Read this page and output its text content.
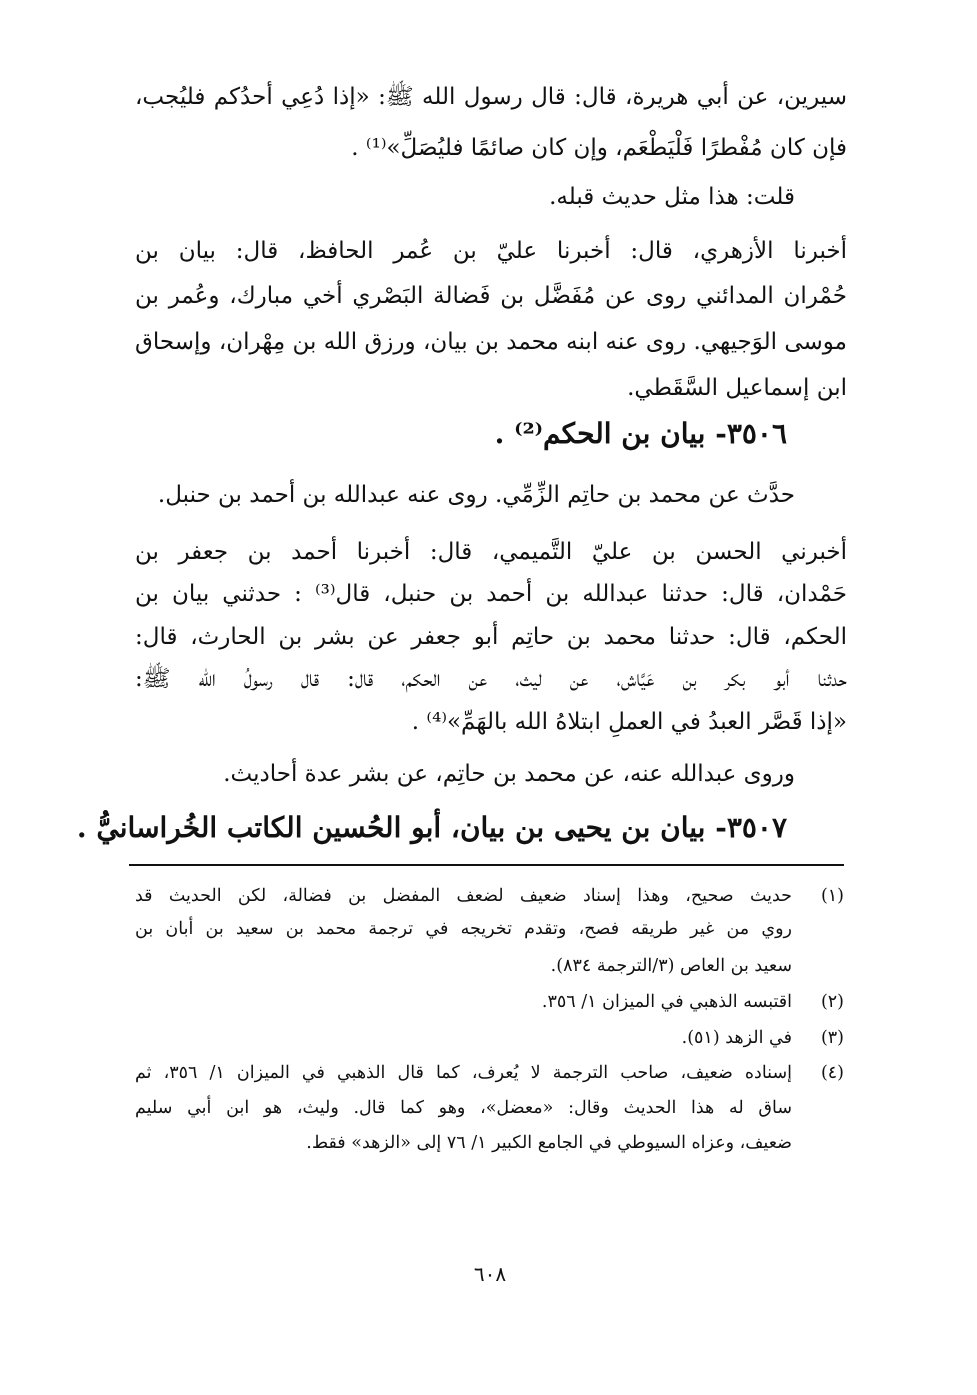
سيرين، عن أبي هريرة، قال: قال رسول الله ﷺ: «إذا دُعِي أحدُكم فليُجب،
فإن كان مُفْطرًا فَلْيَطْعَم، وإن كان صائمًا فليُصَلِّ»⁽¹⁾ .
قلت: هذا مثل حديث قبله.
أخبرنا الأزهري، قال: أخبرنا عليّ بن عُمر الحافظ، قال: بيان بن
حُمْران المدائني روى عن مُفَضَّل بن فَضالة البَصْري أخي مبارك، وعُمر بن
موسى الوَجيهي. روى عنه ابنه محمد بن بيان، ورزق الله بن مِهْران، وإسحاق
ابن إسماعيل السَّقَطي.
٣٥٠٦- بيان بن الحكم⁽²⁾ .
حدَّث عن محمد بن حاتِم الزِّمِّي. روى عنه عبدالله بن أحمد بن حنبل.
أخبرني الحسن بن عليّ التَّميمي، قال: أخبرنا أحمد بن جعفر بن
حَمْدان، قال: حدثنا عبدالله بن أحمد بن حنبل، قال⁽³⁾ : حدثني بيان بن
الحكم، قال: حدثنا محمد بن حاتِم أبو جعفر عن بشر بن الحارث، قال:
حدثنا أبو بكر بن عَيَّاش، عن ليث، عن الحكم، قال: قال رسولُ الله ﷺ:
«إذا قَصَّر العبدُ في العملِ ابتلاهُ الله بالهَمِّ»⁽⁴⁾ .
وروى عبدالله عنه، عن محمد بن حاتِم، عن بشر عدة أحاديث.
٣٥٠٧- بيان بن يحيى بن بيان، أبو الحُسين الكاتب الخُراسانيُّ .
(١)
حديث صحيح، وهذا إسناد ضعيف لضعف المفضل بن فضالة، لكن الحديث قد
روي من غير طريقه فصح، وتقدم تخريجه في ترجمة محمد بن سعيد بن أبان بن
سعيد بن العاص (٣/الترجمة ٨٣٤).
(٢)
اقتبسه الذهبي في الميزان ١/ ٣٥٦.
(٣)
في الزهد (٥١).
(٤)
إسناده ضعيف، صاحب الترجمة لا يُعرف، كما قال الذهبي في الميزان ١/ ٣٥٦، ثم
ساق له هذا الحديث وقال: «معضل»، وهو كما قال. وليث، هو ابن أبي سليم
ضعيف، وعزاه السيوطي في الجامع الكبير ١/ ٧٦ إلى «الزهد» فقط.
٦٠٨
